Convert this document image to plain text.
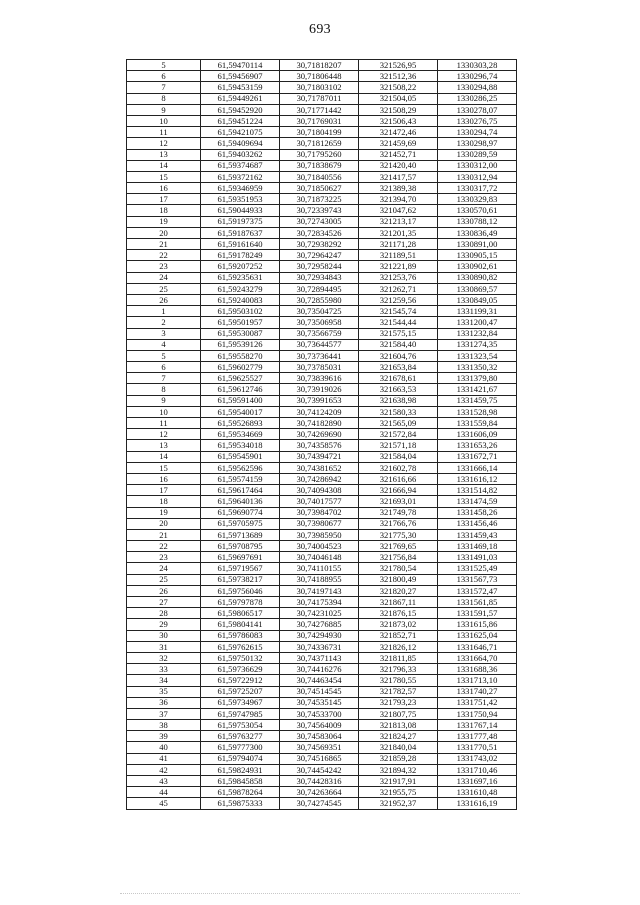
693
5	61,59470114	30,71818207	321526,95	1330303,28
6	61,59456907	30,71806448	321512,36	1330296,74
7	61,59453159	30,71803102	321508,22	1330294,88
8	61,59449261	30,71787011	321504,05	1330286,25
9	61,59452920	30,71771442	321508,29	1330278,07
10	61,59451224	30,71769031	321506,43	1330276,75
11	61,59421075	30,71804199	321472,46	1330294,74
12	61,59409694	30,71812659	321459,69	1330298,97
13	61,59403262	30,71795260	321452,71	1330289,59
14	61,59374687	30,71838679	321420,40	1330312,00
15	61,59372162	30,71840556	321417,57	1330312,94
16	61,59346959	30,71850627	321389,38	1330317,72
17	61,59351953	30,71873225	321394,70	1330329,83
18	61,59044933	30,72339743	321047,62	1330570,61
19	61,59197375	30,72743005	321213,17	1330788,12
20	61,59187637	30,72834526	321201,35	1330836,49
21	61,59161640	30,72938292	321171,28	1330891,00
22	61,59178249	30,72964247	321189,51	1330905,15
23	61,59207252	30,72958244	321221,89	1330902,61
24	61,59235631	30,72934843	321253,76	1330890,82
25	61,59243279	30,72894495	321262,71	1330869,57
26	61,59240083	30,72855980	321259,56	1330849,05
1	61,59503102	30,73504725	321545,74	1331199,31
2	61,59501957	30,73506958	321544,44	1331200,47
3	61,59530087	30,73566759	321575,15	1331232,84
4	61,59539126	30,73644577	321584,40	1331274,35
5	61,59558270	30,73736441	321604,76	1331323,54
6	61,59602779	30,73785031	321653,84	1331350,32
7	61,59625527	30,73839616	321678,61	1331379,80
8	61,59612746	30,73919026	321663,53	1331421,67
9	61,59591400	30,73991653	321638,98	1331459,75
10	61,59540017	30,74124209	321580,33	1331528,98
11	61,59526893	30,74182890	321565,09	1331559,84
12	61,59534669	30,74269690	321572,84	1331606,09
13	61,59534018	30,74358576	321571,18	1331653,26
14	61,59545901	30,74394721	321584,04	1331672,71
15	61,59562596	30,74381652	321602,78	1331666,14
16	61,59574159	30,74286942	321616,66	1331616,12
17	61,59617464	30,74094308	321666,94	1331514,82
18	61,59640136	30,74017577	321693,01	1331474,59
19	61,59690774	30,73984702	321749,78	1331458,26
20	61,59705975	30,73980677	321766,76	1331456,46
21	61,59713689	30,73985950	321775,30	1331459,43
22	61,59708795	30,74004523	321769,65	1331469,18
23	61,59697691	30,74046148	321756,84	1331491,03
24	61,59719567	30,74110155	321780,54	1331525,49
25	61,59738217	30,74188955	321800,49	1331567,73
26	61,59756046	30,74197143	321820,27	1331572,47
27	61,59797878	30,74175394	321867,11	1331561,85
28	61,59806517	30,74231025	321876,15	1331591,57
29	61,59804141	30,74276885	321873,02	1331615,86
30	61,59786083	30,74294930	321852,71	1331625,04
31	61,59762615	30,74336731	321826,12	1331646,71
32	61,59750132	30,74371143	321811,85	1331664,70
33	61,59736629	30,74416276	321796,33	1331688,36
34	61,59722912	30,74463454	321780,55	1331713,10
35	61,59725207	30,74514545	321782,57	1331740,27
36	61,59734967	30,74535145	321793,23	1331751,42
37	61,59747985	30,74533700	321807,75	1331750,94
38	61,59753054	30,74564009	321813,08	1331767,14
39	61,59763277	30,74583064	321824,27	1331777,48
40	61,59777300	30,74569351	321840,04	1331770,51
41	61,59794074	30,74516865	321859,28	1331743,02
42	61,59824931	30,74454242	321894,32	1331710,46
43	61,59845858	30,74428316	321917,91	1331697,16
44	61,59878264	30,74263664	321955,75	1331610,48
45	61,59875333	30,74274545	321952,37	1331616,19
